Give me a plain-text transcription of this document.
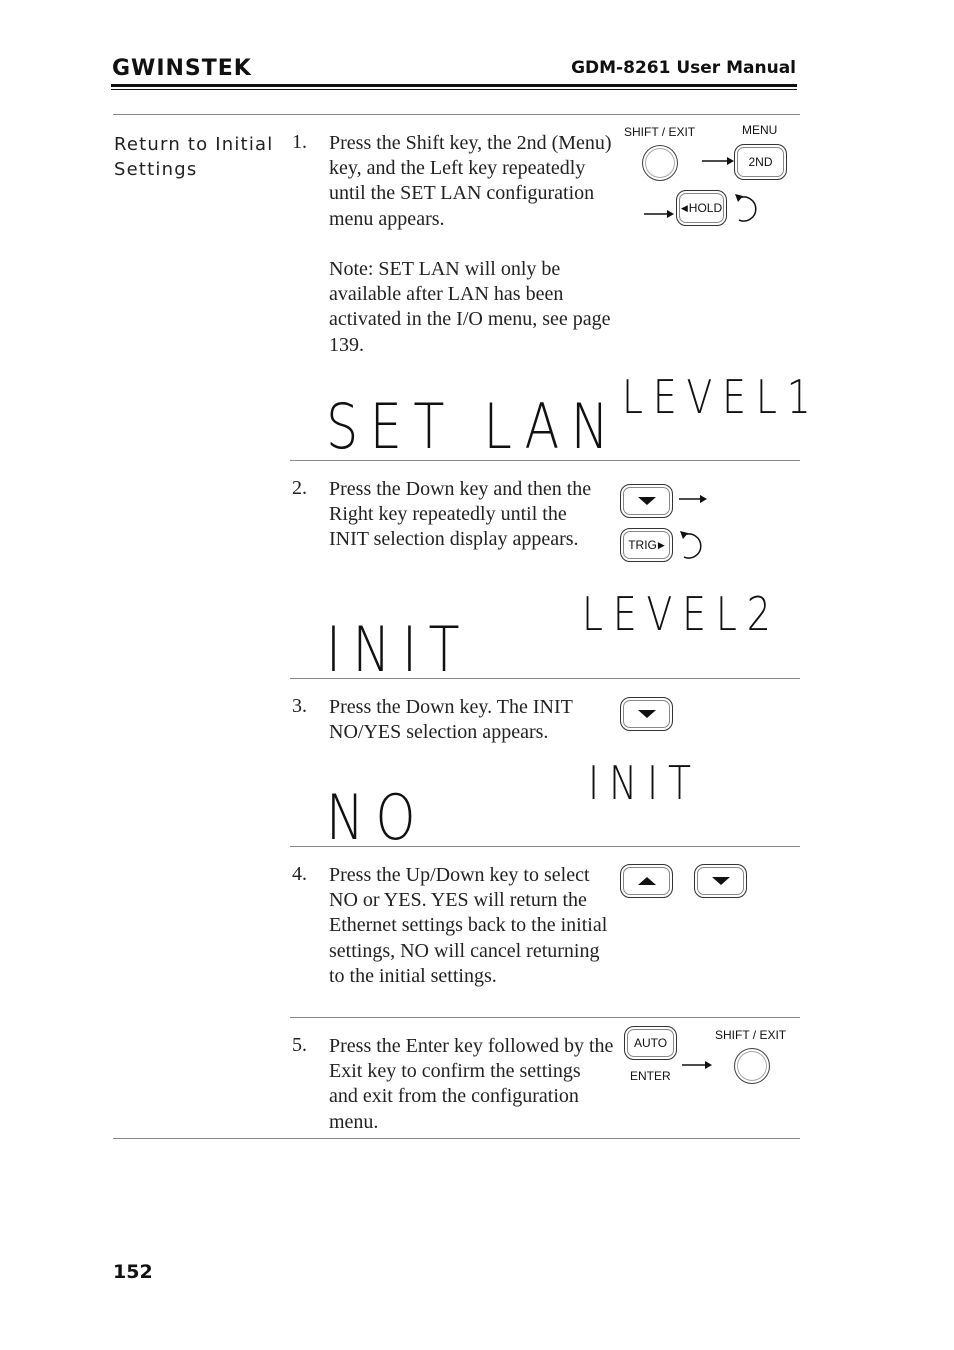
GWINSTEK	GDM-8261 User Manual
Return to Initial
Settings
1. Press the Shift key, the 2nd (Menu) key, and the Left key repeatedly until the SET LAN configuration menu appears.
Note: SET LAN will only be available after LAN has been activated in the I/O menu, see page 139.
SHIFT / EXIT	MENU
2ND
◀ HOLD
SET LAN LEVEL1
2. Press the Down key and then the Right key repeatedly until the INIT selection display appears.	TRIG ▶
INIT LEVEL2
3. Press the Down key. The INIT NO/YES selection appears.
NO	INIT
4. Press the Up/Down key to select NO or YES. YES will return the Ethernet settings back to the initial settings, NO will cancel returning to the initial settings.
5. Press the Enter key followed by the Exit key to confirm the settings and exit from the configuration menu.
AUTO
ENTER
SHIFT / EXIT
152
